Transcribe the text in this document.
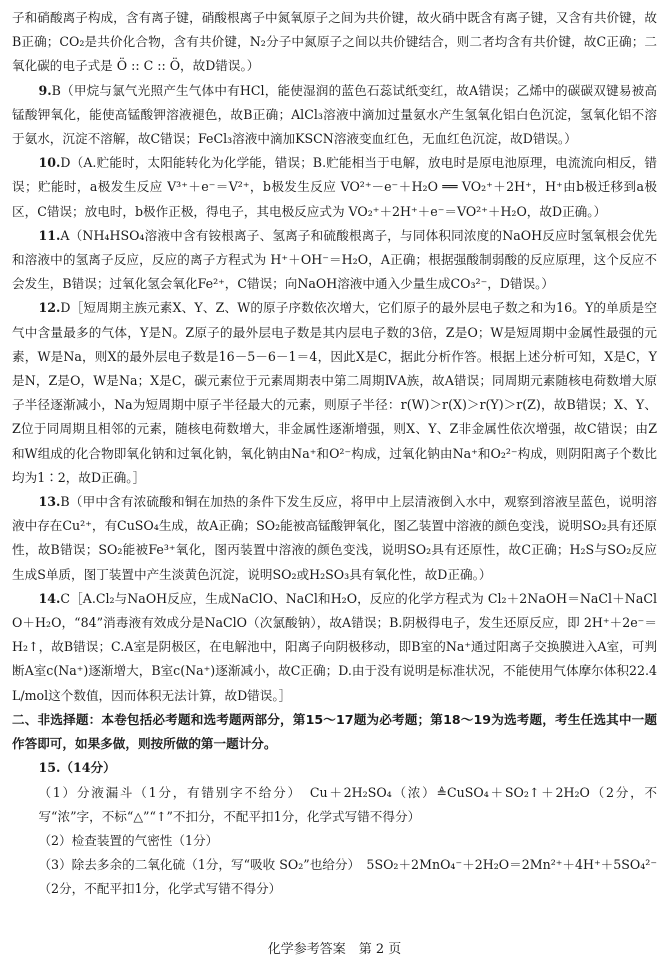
子和硝酸离子构成，含有离子键，硝酸根离子中氮氧原子之间为共价键，故火硝中既含有离子键，又含有共价键，故B正确；CO₂是共价化合物，含有共价键，N₂分子中氮原子之间以共价键结合，则二者均含有共价键，故C正确；二氧化碳的电子式是 Ö :: C :: Ö，故D错误。）

9.B（甲烷与氯气光照产生气体中有HCl，能使湿润的蓝色石蕊试纸变红，故A错误；乙烯中的碳碳双键易被高锰酸钾氧化，能使高锰酸钾溶液褪色，故B正确；AlCl₃溶液中滴加过量氨水产生氢氧化铝白色沉淀，氢氧化铝不溶于氨水，沉淀不溶解，故C错误；FeCl₃溶液中滴加KSCN溶液变血红色，无血红色沉淀，故D错误。）

10.D（A.贮能时，太阳能转化为化学能，错误；B.贮能相当于电解，放电时是原电池原理，电流流向相反，错误；贮能时，a极发生反应 V³⁺＋e⁻＝V²⁺，b极发生反应 VO²⁺－e⁻＋H₂O ══ VO₂⁺＋2H⁺，H⁺由b极迁移到a极区，C错误；放电时，b极作正极，得电子，其电极反应式为 VO₂⁺＋2H⁺＋e⁻＝VO²⁺＋H₂O，故D正确。）

11.A（NH₄HSO₄溶液中含有铵根离子、氢离子和硫酸根离子，与同体积同浓度的NaOH反应时氢氧根会优先和溶液中的氢离子反应，反应的离子方程式为 H⁺＋OH⁻＝H₂O，A正确；根据强酸制弱酸的反应原理，这个反应不会发生，B错误；过氧化氢会氧化Fe²⁺，C错误；向NaOH溶液中通入少量生成CO₃²⁻，D错误。）

12.D［短周期主族元素X、Y、Z、W的原子序数依次增大，它们原子的最外层电子数之和为16。Y的单质是空气中含量最多的气体，Y是N。Z原子的最外层电子数是其内层电子数的3倍，Z是O；W是短周期中金属性最强的元素，W是Na，则X的最外层电子数是16－5－6－1＝4，因此X是C，据此分析作答。根据上述分析可知，X是C，Y是N，Z是O，W是Na；X是C，碳元素位于元素周期表中第二周期ⅣA族，故A错误；同周期元素随核电荷数增大原子半径逐渐减小，Na为短周期中原子半径最大的元素，则原子半径：r(W)＞r(X)＞r(Y)＞r(Z)，故B错误；X、Y、Z位于同周期且相邻的元素，随核电荷数增大，非金属性逐渐增强，则X、Y、Z非金属性依次增强，故C错误；由Z和W组成的化合物即氧化钠和过氧化钠，氧化钠由Na⁺和O²⁻构成，过氧化钠由Na⁺和O₂²⁻构成，则阴阳离子个数比均为1∶2，故D正确。］

13.B（甲中含有浓硫酸和铜在加热的条件下发生反应，将甲中上层清液倒入水中，观察到溶液呈蓝色，说明溶液中存在Cu²⁺，有CuSO₄生成，故A正确；SO₂能被高锰酸钾氧化，图乙装置中溶液的颜色变浅，说明SO₂具有还原性，故B错误；SO₂能被Fe³⁺氧化，图丙装置中溶液的颜色变浅，说明SO₂具有还原性，故C正确；H₂S与SO₂反应生成S单质，图丁装置中产生淡黄色沉淀，说明SO₂或H₂SO₃具有氧化性，故D正确。）

14.C［A.Cl₂与NaOH反应，生成NaClO、NaCl和H₂O，反应的化学方程式为 Cl₂＋2NaOH＝NaCl＋NaClO＋H₂O，“84”消毒液有效成分是NaClO（次氯酸钠），故A错误；B.阴极得电子，发生还原反应，即 2H⁺＋2e⁻＝H₂↑，故B错误；C.A室是阴极区，在电解池中，阳离子向阴极移动，即B室的Na⁺通过阳离子交换膜进入A室，可判断A室c(Na⁺)逐渐增大，B室c(Na⁺)逐渐减小，故C正确；D.由于没有说明是标准状况，不能使用气体摩尔体积22.4 L/mol这个数值，因而体积无法计算，故D错误。］

二、非选择题：本卷包括必考题和选考题两部分，第15～17题为必考题；第18～19为选考题，考生任选其中一题作答即可，如果多做，则按所做的第一题计分。

15.（14分）

（1）分液漏斗（1分，有错别字不给分）　Cu＋2H₂SO₄（浓）≜CuSO₄＋SO₂↑＋2H₂O（2分，不写“浓”字，不标“△”“↑”不扣分，不配平扣1分，化学式写错不得分）

（2）检查装置的气密性（1分）

（3）除去多余的二氧化硫（1分，写“吸收 SO₂”也给分）　5SO₂＋2MnO₄⁻＋2H₂O＝2Mn²⁺＋4H⁺＋5SO₄²⁻（2分，不配平扣1分，化学式写错不得分）

化学参考答案　第 2 页
